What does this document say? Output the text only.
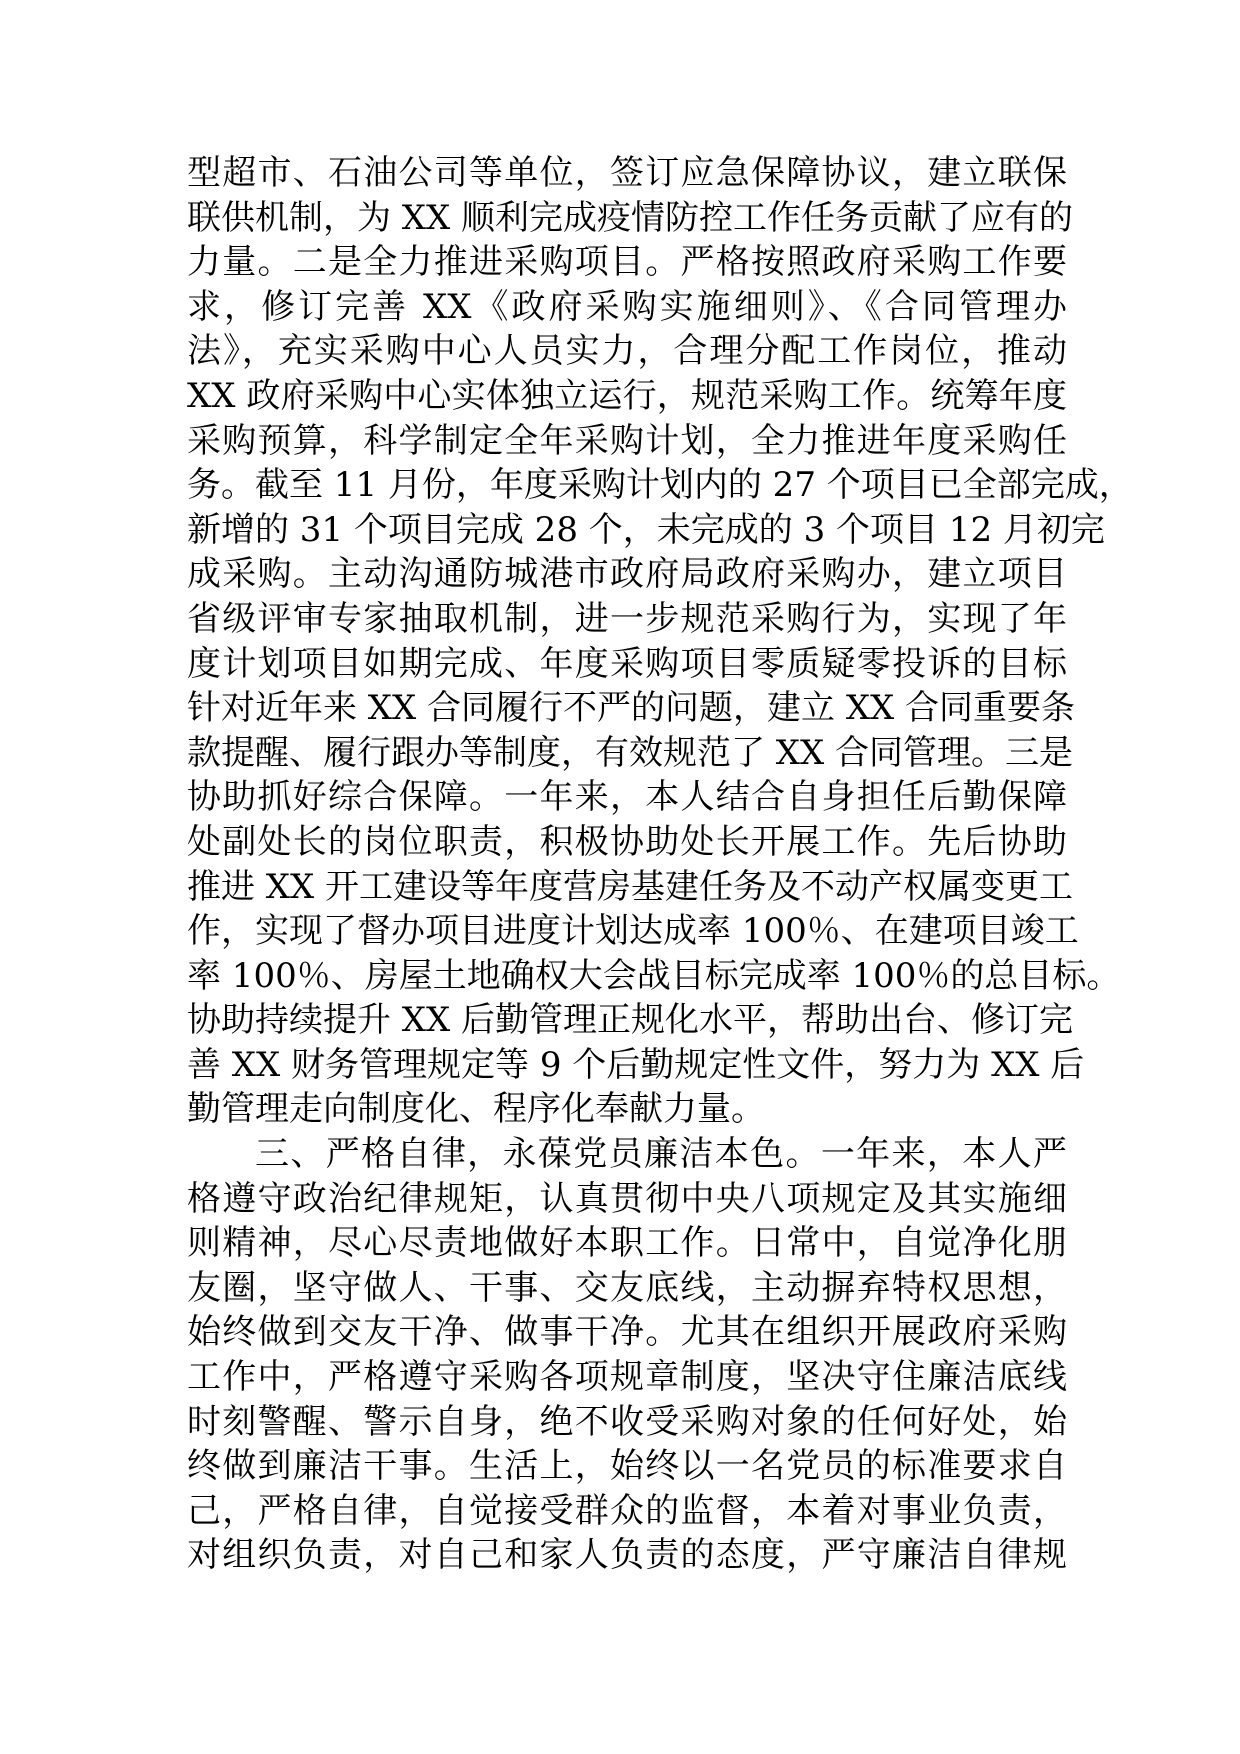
型超市、石油公司等单位，签订应急保障协议，建立联保
联供机制，为 XX 顺利完成疫情防控工作任务贡献了应有的
力量。二是全力推进采购项目。严格按照政府采购工作要
求，修订完善 XX《政府采购实施细则》、《合同管理办
法》，充实采购中心人员实力，合理分配工作岗位，推动
XX 政府采购中心实体独立运行，规范采购工作。统筹年度
采购预算，科学制定全年采购计划，全力推进年度采购任
务。截至 11 月份，年度采购计划内的 27 个项目已全部完成，
新增的 31 个项目完成 28 个，未完成的 3 个项目 12 月初完
成采购。主动沟通防城港市政府局政府采购办，建立项目
省级评审专家抽取机制，进一步规范采购行为，实现了年
度计划项目如期完成、年度采购项目零质疑零投诉的目标
针对近年来 XX 合同履行不严的问题，建立 XX 合同重要条
款提醒、履行跟办等制度，有效规范了 XX 合同管理。三是
协助抓好综合保障。一年来，本人结合自身担任后勤保障
处副处长的岗位职责，积极协助处长开展工作。先后协助
推进 XX 开工建设等年度营房基建任务及不动产权属变更工
作，实现了督办项目进度计划达成率 100％、在建项目竣工
率 100％、房屋土地确权大会战目标完成率 100％的总目标。
协助持续提升 XX 后勤管理正规化水平，帮助出台、修订完
善 XX 财务管理规定等 9 个后勤规定性文件，努力为 XX 后
勤管理走向制度化、程序化奉献力量。
三、严格自律，永葆党员廉洁本色。一年来，本人严
格遵守政治纪律规矩，认真贯彻中央八项规定及其实施细
则精神，尽心尽责地做好本职工作。日常中，自觉净化朋
友圈，坚守做人、干事、交友底线，主动摒弃特权思想，
始终做到交友干净、做事干净。尤其在组织开展政府采购
工作中，严格遵守采购各项规章制度，坚决守住廉洁底线
时刻警醒、警示自身，绝不收受采购对象的任何好处，始
终做到廉洁干事。生活上，始终以一名党员的标准要求自
己，严格自律，自觉接受群众的监督，本着对事业负责，
对组织负责，对自己和家人负责的态度，严守廉洁自律规
